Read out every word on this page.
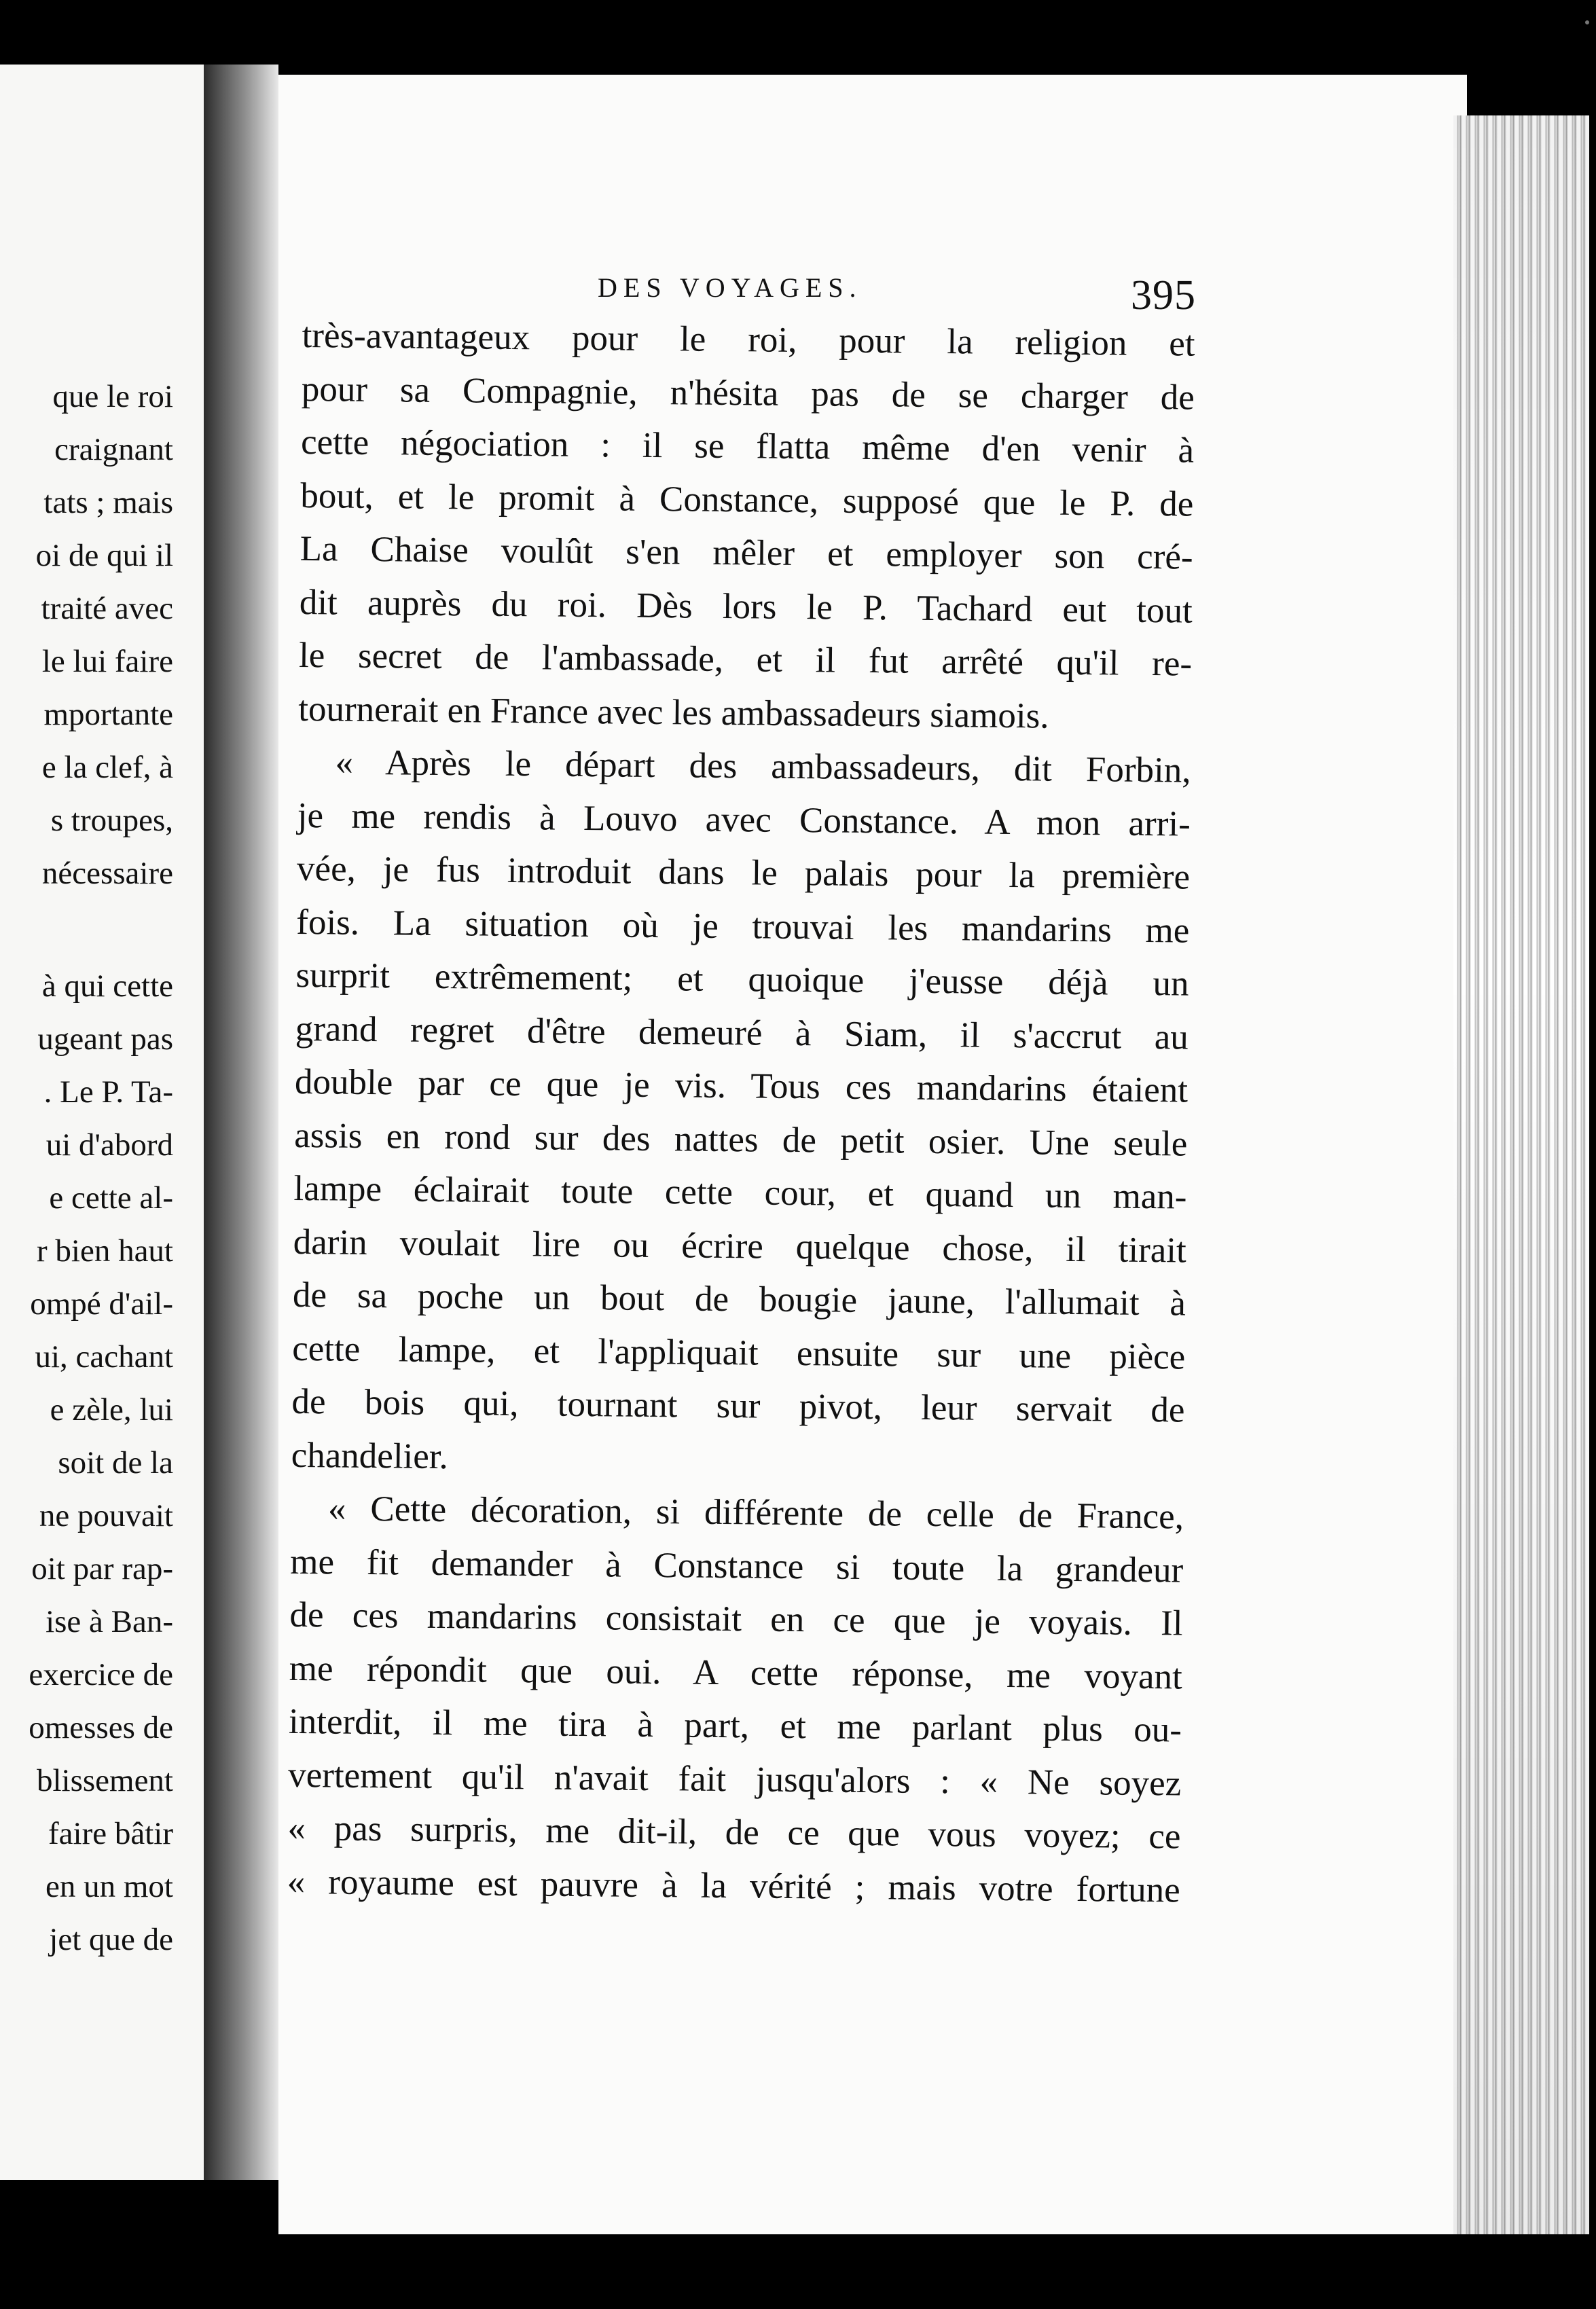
que le roi
craignant
tats ; mais
oi de qui il
traité avec
le lui faire
mportante
e la clef, à
s troupes,
nécessaire
à qui cette
ugeant pas
. Le P. Ta-
ui d'abord
e cette al-
r bien haut
ompé d'ail-
ui, cachant
e zèle, lui
soit de la
ne pouvait
oit par rap-
ise à Ban-
exercice de
omesses de
blissement
faire bâtir
en un mot
jet que de
DES VOYAGES.	395
très-avantageux pour le roi, pour la religion et
pour sa Compagnie, n'hésita pas de se charger de
cette négociation : il se flatta même d'en venir à
bout, et le promit à Constance, supposé que le P. de
La Chaise voulût s'en mêler et employer son cré-
dit auprès du roi. Dès lors le P. Tachard eut tout
le secret de l'ambassade, et il fut arrêté qu'il re-
tournerait en France avec les ambassadeurs siamois.
« Après le départ des ambassadeurs, dit Forbin,
je me rendis à Louvo avec Constance. A mon arri-
vée, je fus introduit dans le palais pour la première
fois. La situation où je trouvai les mandarins me
surprit extrêmement; et quoique j'eusse déjà un
grand regret d'être demeuré à Siam, il s'accrut au
double par ce que je vis. Tous ces mandarins étaient
assis en rond sur des nattes de petit osier. Une seule
lampe éclairait toute cette cour, et quand un man-
darin voulait lire ou écrire quelque chose, il tirait
de sa poche un bout de bougie jaune, l'allumait à
cette lampe, et l'appliquait ensuite sur une pièce
de bois qui, tournant sur pivot, leur servait de
chandelier.
« Cette décoration, si différente de celle de France,
me fit demander à Constance si toute la grandeur
de ces mandarins consistait en ce que je voyais. Il
me répondit que oui. A cette réponse, me voyant
interdit, il me tira à part, et me parlant plus ou-
vertement qu'il n'avait fait jusqu'alors : « Ne soyez
« pas surpris, me dit-il, de ce que vous voyez; ce
« royaume est pauvre à la vérité ; mais votre fortune
